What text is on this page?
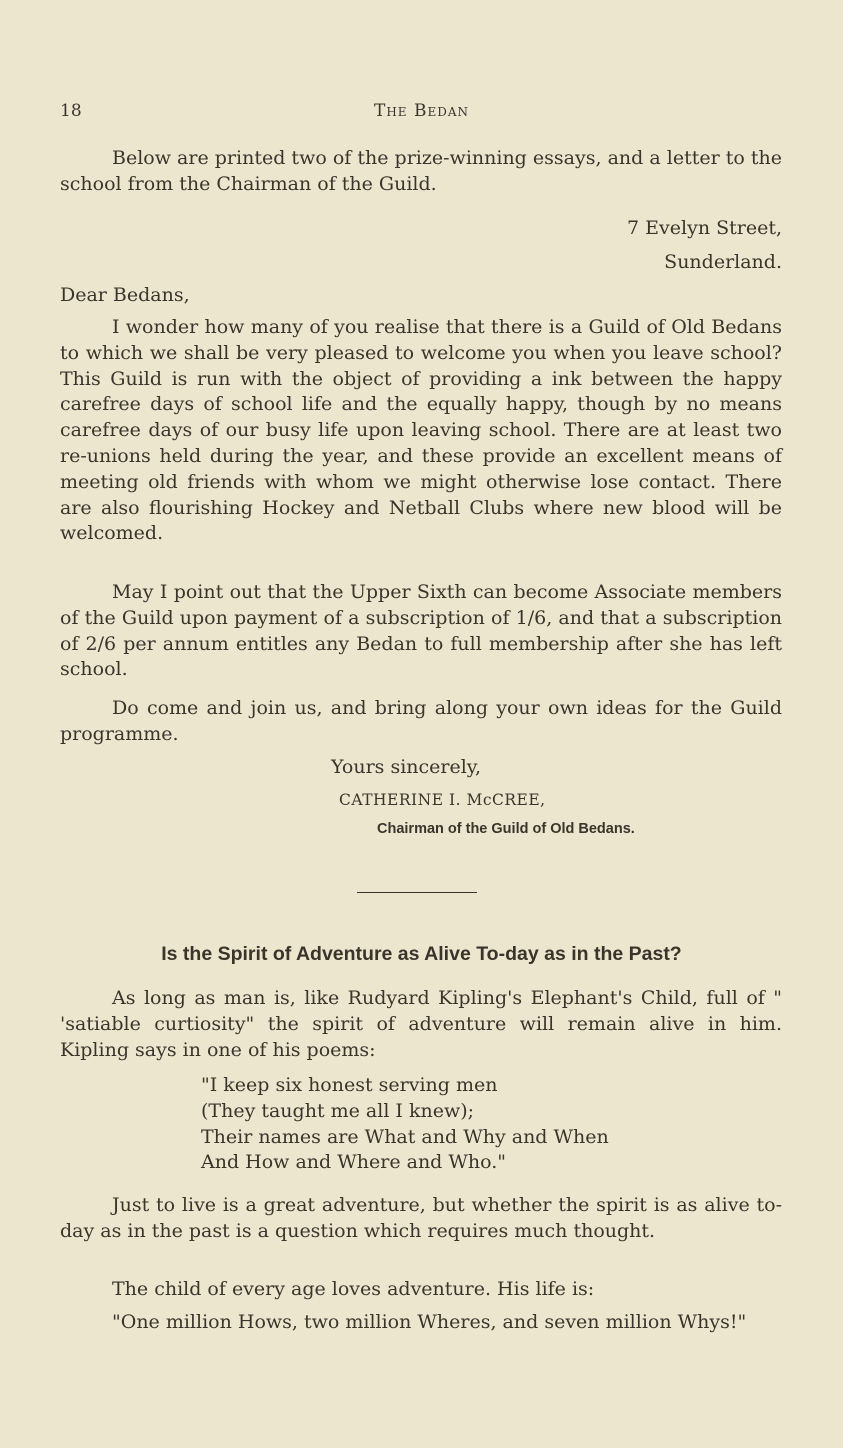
18	The Bedan

Below are printed two of the prize-winning essays, and a letter to the school from the Chairman of the Guild.

7 Evelyn Street,
Sunderland.

Dear Bedans,

I wonder how many of you realise that there is a Guild of Old Bedans to which we shall be very pleased to welcome you when you leave school? This Guild is run with the object of providing a ink between the happy carefree days of school life and the equally happy, though by no means carefree days of our busy life upon leaving school. There are at least two re-unions held during the year, and these provide an excellent means of meeting old friends with whom we might otherwise lose contact. There are also flourishing Hockey and Netball Clubs where new blood will be welcomed.

May I point out that the Upper Sixth can become Associate members of the Guild upon payment of a subscription of 1/6, and that a subscription of 2/6 per annum entitles any Bedan to full membership after she has left school.

Do come and join us, and bring along your own ideas for the Guild programme.

Yours sincerely,
CATHERINE I. McCREE,
Chairman of the Guild of Old Bedans.
Is the Spirit of Adventure as Alive To-day as in the Past?

As long as man is, like Rudyard Kipling's Elephant's Child, full of " 'satiable curtiosity" the spirit of adventure will remain alive in him. Kipling says in one of his poems:

"I keep six honest serving men
(They taught me all I knew);
Their names are What and Why and When
And How and Where and Who."

Just to live is a great adventure, but whether the spirit is as alive to-day as in the past is a question which requires much thought.

The child of every age loves adventure. His life is:

"One million Hows, two million Wheres, and seven million Whys!"
